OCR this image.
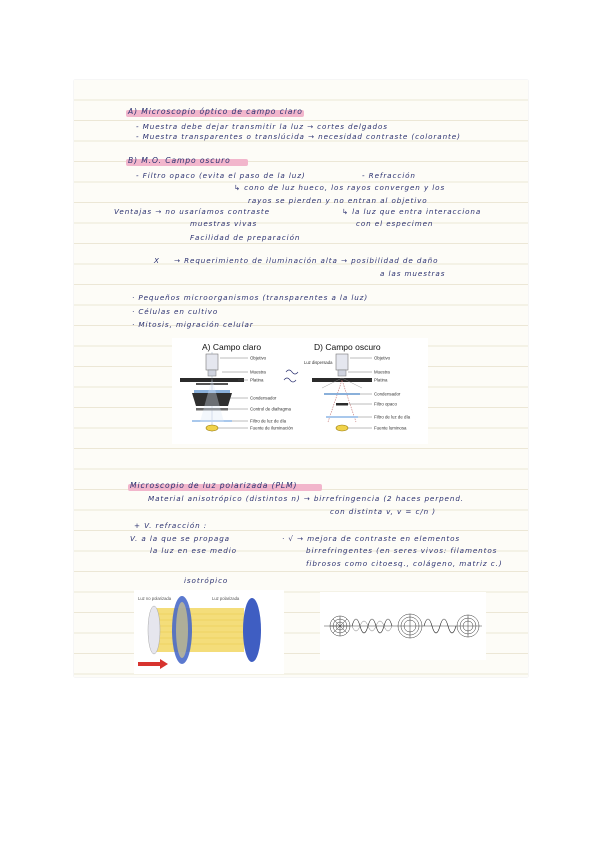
A) Microscopio óptico de campo claro
- Muestra debe dejar transmitir la luz → cortes delgados
- Muestra transparentes o translúcida → necesidad contraste (colorante)
B) M.O. Campo oscuro
- Filtro opaco (evita el paso de la luz)	- Refracción
↳ cono de luz hueco, los rayos convergen y los
rayos se pierden y no entran al objetivo
Ventajas → no usaríamos contraste	↳ la luz que entra interacciona
muestras vivas	con el especimen
Facilidad de preparación
X → Requerimiento de iluminación alta → posibilidad de daño
a las muestras
· Pequeños microorganismos (transparentes a la luz)
· Células en cultivo
· Mitosis, migración celular
A) Campo claro
Objetivo
Muestra
Platina
Condensador
Control de diafragma
Filtro de luz de día
Fuente de iluminación
D) Campo oscuro
Luz dispersada
Objetivo
Muestra
Platina
Condensador
Filtro opaco
Filtro de luz de día
Fuente luminosa
Microscopio de luz polarizada (PLM)
Material anisotrópico (distintos n) → birrefringencia (2 haces perpend.
con distinta v, v = c/n )
+ V. refracción :
V. a la que se propaga
la luz en ese medio
· √ → mejora de contraste en elementos
birrefringentes (en seres vivos: filamentos
fibrosos como citoesq., colágeno, matriz c.)
isotrópico
Luz no polarizada	Luz polarizada
